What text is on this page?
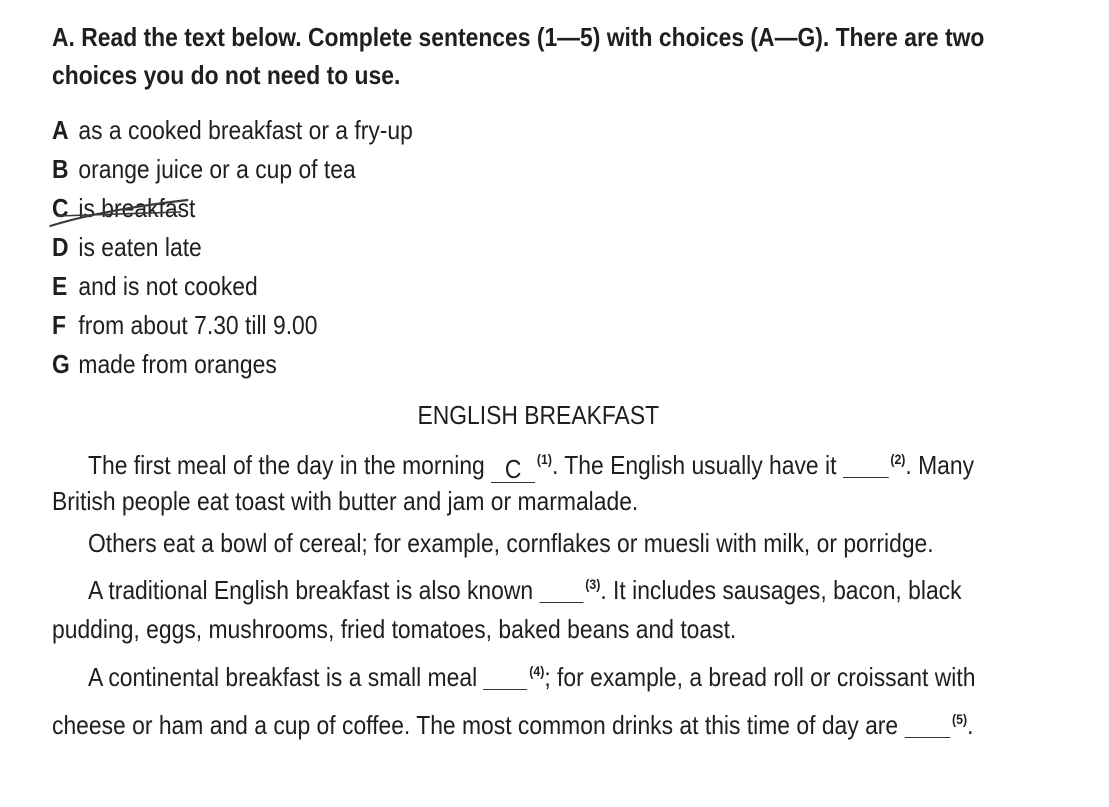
A. Read the text below. Complete sentences (1—5) with choices (A—G). There are two
choices you do not need to use.
A as a cooked breakfast or a fry-up
B orange juice or a cup of tea
C is breakfast
D is eaten late
E and is not cooked
F from about 7.30 till 9.00
G made from oranges
ENGLISH BREAKFAST
The first meal of the day in the morning C $^{(1)}$. The English usually have it	$^{(2)}$. Many
British people eat toast with butter and jam or marmalade.
Others eat a bowl of cereal; for example, cornflakes or muesli with milk, or porridge.
A traditional English breakfast is also known	$^{(3)}$. It includes sausages, bacon, black
pudding, eggs, mushrooms, fried tomatoes, baked beans and toast.
A continental breakfast is a small meal	$^{(4)}$; for example, a bread roll or croissant with
cheese or ham and a cup of coffee. The most common drinks at this time of day are	$^{(5)}$.
